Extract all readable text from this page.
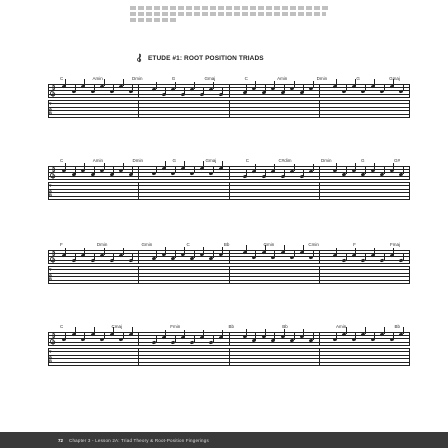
ETUDE #1: ROOT POSITION TRIADS
C	Amin	Dmin	G	Gmaj	C	Amin	Dmin	G	Gmaj
T
A
B
C	Amin	Dmin	G	Gmaj	C	C#dim	Dmin	G	G#
T
A
B
F	Dmin	Gmin	C	Bb	Gmin	Cmin	F	Fmaj
T
A
B
C	Cmaj	Fmin	Bb	Bb	Amin	Bb
T
A
B
72 Chapter 3 - Lesson 2A: Triad Theory & Root-Position Fingerings
